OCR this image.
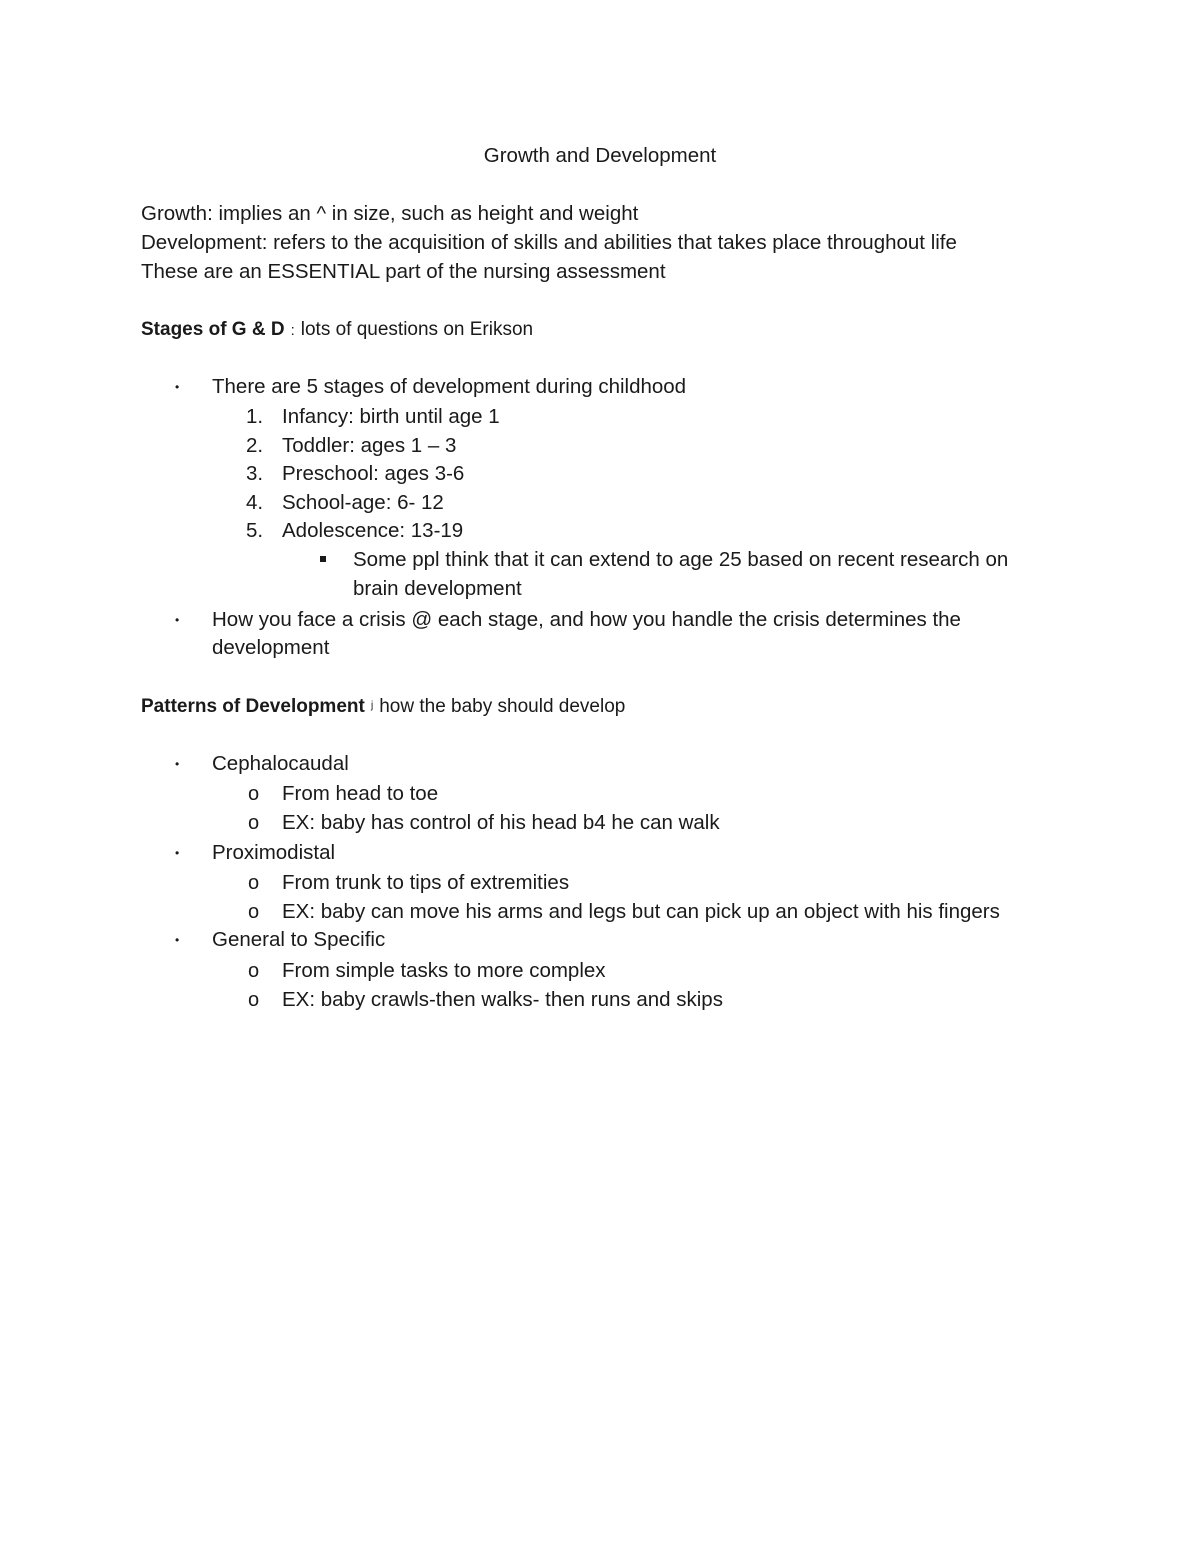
Growth and Development
Growth: implies an ^ in size, such as height and weight
Development: refers to the acquisition of skills and abilities that takes place throughout life
These are an ESSENTIAL part of the nursing assessment
Stages of G & D : lots of questions on Erikson
• There are 5 stages of development during childhood
1. Infancy: birth until age 1
2. Toddler: ages 1 – 3
3. Preschool: ages 3-6
4. School-age: 6- 12
5. Adolescence: 13-19
Some ppl think that it can extend to age 25 based on recent research on
brain development
• How you face a crisis @ each stage, and how you handle the crisis determines the
development
Patterns of Development ʲ how the baby should develop
• Cephalocaudal
o From head to toe
o EX: baby has control of his head b4 he can walk
• Proximodistal
o From trunk to tips of extremities
o EX: baby can move his arms and legs but can pick up an object with his fingers
• General to Specific
o From simple tasks to more complex
o EX: baby crawls-then walks- then runs and skips
